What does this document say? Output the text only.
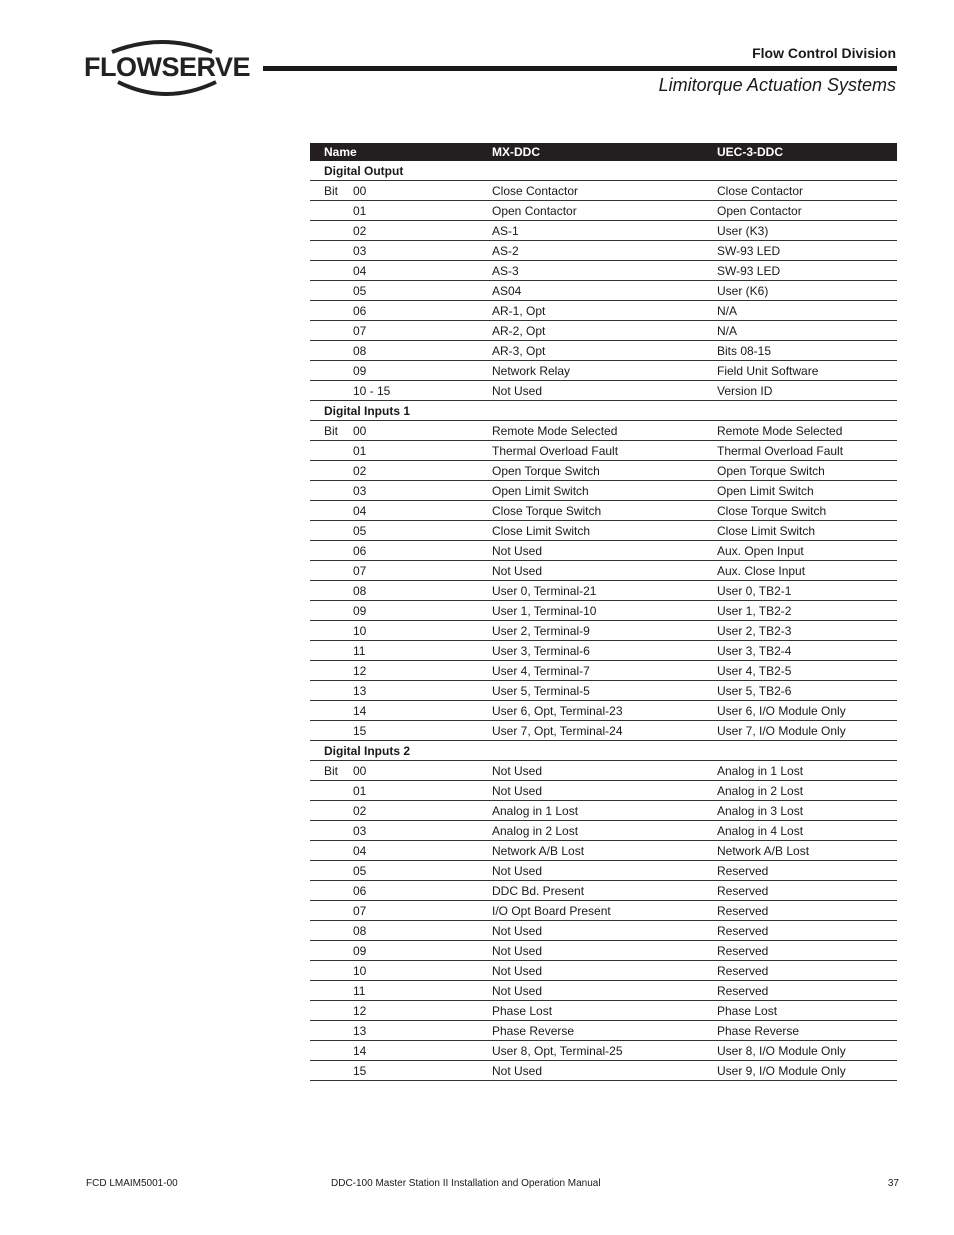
FLOWSERVE	Flow Control Division
Limitorque Actuation Systems
Name	MX-DDC	UEC-3-DDC
Digital Output		
Bit 00	Close Contactor	Close Contactor
01	Open Contactor	Open Contactor
02	AS-1	User (K3)
03	AS-2	SW-93 LED
04	AS-3	SW-93 LED
05	AS04	User (K6)
06	AR-1, Opt	N/A
07	AR-2, Opt	N/A
08	AR-3, Opt	Bits 08-15
09	Network Relay	Field Unit Software
10 - 15	Not Used	Version ID
Digital Inputs 1		
Bit 00	Remote Mode Selected	Remote Mode Selected
01	Thermal Overload Fault	Thermal Overload Fault
02	Open Torque Switch	Open Torque Switch
03	Open Limit Switch	Open Limit Switch
04	Close Torque Switch	Close Torque Switch
05	Close Limit Switch	Close Limit Switch
06	Not Used	Aux. Open Input
07	Not Used	Aux. Close Input
08	User 0, Terminal-21	User 0, TB2-1
09	User 1, Terminal-10	User 1, TB2-2
10	User 2, Terminal-9	User 2, TB2-3
11	User 3, Terminal-6	User 3, TB2-4
12	User 4, Terminal-7	User 4, TB2-5
13	User 5, Terminal-5	User 5, TB2-6
14	User 6, Opt, Terminal-23	User 6, I/O Module Only
15	User 7, Opt, Terminal-24	User 7, I/O Module Only
Digital Inputs 2		
Bit 00	Not Used	Analog in 1 Lost
01	Not Used	Analog in 2 Lost
02	Analog in 1 Lost	Analog in 3 Lost
03	Analog in 2 Lost	Analog in 4 Lost
04	Network A/B Lost	Network A/B Lost
05	Not Used	Reserved
06	DDC Bd. Present	Reserved
07	I/O Opt Board Present	Reserved
08	Not Used	Reserved
09	Not Used	Reserved
10	Not Used	Reserved
11	Not Used	Reserved
12	Phase Lost	Phase Lost
13	Phase Reverse	Phase Reverse
14	User 8, Opt, Terminal-25	User 8, I/O Module Only
15	Not Used	User 9, I/O Module Only
FCD LMAIM5001-00	DDC-100 Master Station II Installation and Operation Manual	37
